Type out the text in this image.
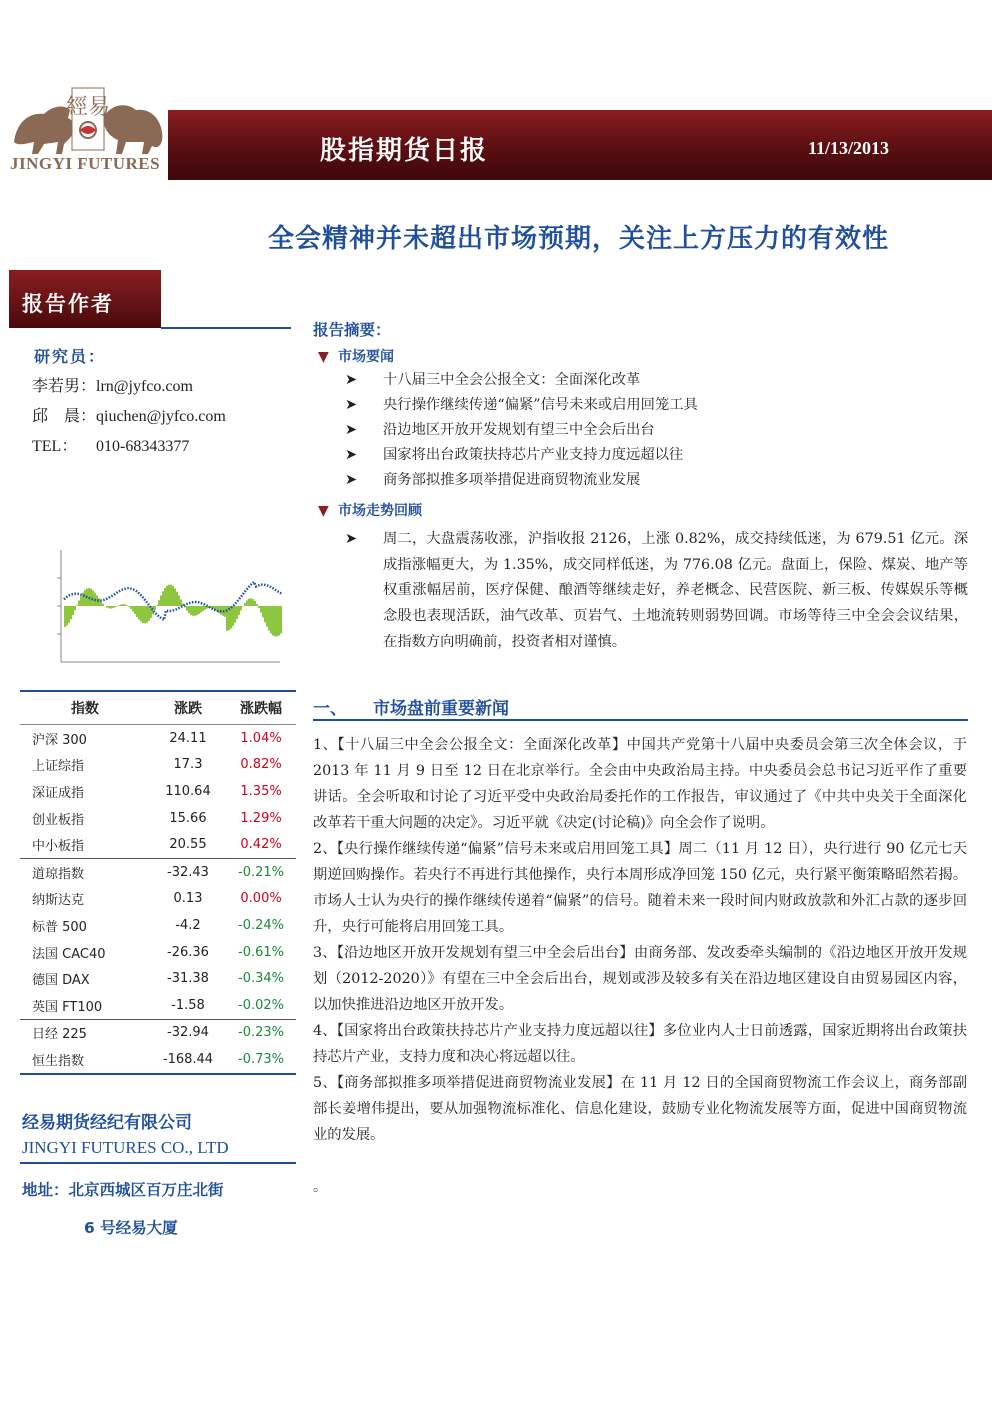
經易
JINGYI FUTURES	股指期货日报	11/13/2013
全会精神并未超出市场预期，关注上方压力的有效性
报告作者
研究员：
李若男：lrn@jyfco.com
邱　晨：qiuchen@jyfco.com
TEL： 010-68343377
指数	涨跌	涨跌幅
沪深 300	24.11	1.04%
上证综指	17.3	0.82%
深证成指	110.64	1.35%
创业板指	15.66	1.29%
中小板指	20.55	0.42%
道琼指数	-32.43	-0.21%
纳斯达克	0.13	0.00%
标普 500	-4.2	-0.24%
法国 CAC40	-26.36	-0.61%
德国 DAX	-31.38	-0.34%
英国 FT100	-1.58	-0.02%
日经 225	-32.94	-0.23%
恒生指数	-168.44	-0.73%
经易期货经纪有限公司
JINGYI FUTURES CO., LTD
地址：北京西城区百万庄北街
6 号经易大厦
报告摘要：
▼ 市场要闻
➤ 十八届三中全会公报全文：全面深化改革
➤ 央行操作继续传递“偏紧”信号未来或启用回笼工具
➤ 沿边地区开放开发规划有望三中全会后出台
➤ 国家将出台政策扶持芯片产业支持力度远超以往
➤ 商务部拟推多项举措促进商贸物流业发展
▼ 市场走势回顾
➤ 周二，大盘震荡收涨，沪指收报 2126，上涨 0.82%，成交持续低迷，为 679.51 亿元。深成指涨幅更大，为 1.35%，成交同样低迷，为 776.08 亿元。盘面上，保险、煤炭、地产等权重涨幅居前，医疗保健、酿酒等继续走好，养老概念、民营医院、新三板、传媒娱乐等概念股也表现活跃，油气改革、页岩气、土地流转则弱势回调。市场等待三中全会会议结果，在指数方向明确前，投资者相对谨慎。
一、 市场盘前重要新闻

1、【十八届三中全会公报全文：全面深化改革】中国共产党第十八届中央委员会第三次全体会议，于 2013 年 11 月 9 日至 12 日在北京举行。全会由中央政治局主持。中央委员会总书记习近平作了重要讲话。全会听取和讨论了习近平受中央政治局委托作的工作报告，审议通过了《中共中央关于全面深化改革若干重大问题的决定》。习近平就《决定(讨论稿)》向全会作了说明。

2、【央行操作继续传递“偏紧”信号未来或启用回笼工具】周二（11 月 12 日），央行进行 90 亿元七天期逆回购操作。若央行不再进行其他操作，央行本周形成净回笼 150 亿元，央行紧平衡策略昭然若揭。市场人士认为央行的操作继续传递着“偏紧”的信号。随着未来一段时间内财政放款和外汇占款的逐步回升，央行可能将启用回笼工具。

3、【沿边地区开放开发规划有望三中全会后出台】由商务部、发改委牵头编制的《沿边地区开放开发规划（2012-2020）》有望在三中全会后出台，规划或涉及较多有关在沿边地区建设自由贸易园区内容，以加快推进沿边地区开放开发。

4、【国家将出台政策扶持芯片产业支持力度远超以往】多位业内人士日前透露，国家近期将出台政策扶持芯片产业，支持力度和决心将远超以往。

5、【商务部拟推多项举措促进商贸物流业发展】在 11 月 12 日的全国商贸物流工作会议上，商务部副部长姜增伟提出，要从加强物流标准化、信息化建设，鼓励专业化物流发展等方面，促进中国商贸物流业的发展。

。
